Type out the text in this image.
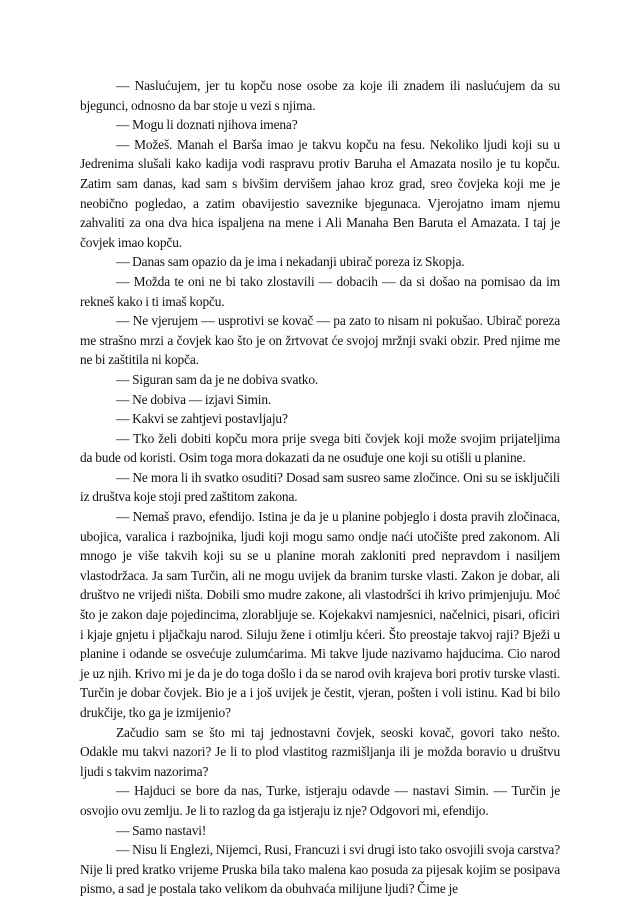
— Naslućujem, jer tu kopču nose osobe za koje ili znadem ili naslućujem da su bjegunci, odnosno da bar stoje u vezi s njima.

— Mogu li doznati njihova imena?

— Možeš. Manah el Barša imao je takvu kopču na fesu. Nekoliko ljudi koji su u Jedrenima slušali kako kadija vodi raspravu protiv Baruha el Amazata nosilo je tu kopču. Zatim sam danas, kad sam s bivšim dervišem jahao kroz grad, sreo čovjeka koji me je neobično pogledao, a zatim obavijestio saveznike bjegunaca. Vjerojatno imam njemu zahvaliti za ona dva hica ispaljena na mene i Ali Manaha Ben Baruta el Amazata. I taj je čovjek imao kopču.

— Danas sam opazio da je ima i nekadanji ubirač poreza iz Skopja.

— Možda te oni ne bi tako zlostavili — dobacih — da si došao na pomisao da im rekneš kako i ti imaš kopču.

— Ne vjerujem — usprotivi se kovač — pa zato to nisam ni pokušao. Ubirač poreza me strašno mrzi a čovjek kao što je on žrtvovat će svojoj mržnji svaki obzir. Pred njime me ne bi zaštitila ni kopča.

— Siguran sam da je ne dobiva svatko.

— Ne dobiva — izjavi Simin.

— Kakvi se zahtjevi postavljaju?

— Tko želi dobiti kopču mora prije svega biti čovjek koji može svojim prijateljima da bude od koristi. Osim toga mora dokazati da ne osuđuje one koji su otišli u planine.

— Ne mora li ih svatko osuditi? Dosad sam susreo same zločince. Oni su se isključili iz društva koje stoji pred zaštitom zakona.

— Nemaš pravo, efendijo. Istina je da je u planine pobjeglo i dosta pravih zločinaca, ubojica, varalica i razbojnika, ljudi koji mogu samo ondje naći utočište pred zakonom. Ali mnogo je više takvih koji su se u planine morah zakloniti pred nepravdom i nasiljem vlastodržaca. Ja sam Turčin, ali ne mogu uvijek da branim turske vlasti. Zakon je dobar, ali društvo ne vrijedi ništa. Dobili smo mudre zakone, ali vlastodršci ih krivo primjenjuju. Moć što je zakon daje pojedincima, zlorabljuje se. Kojekakvi namjesnici, načelnici, pisari, oficiri i kjaje gnjetu i pljačkaju narod. Siluju žene i otimlju kćeri. Što preostaje takvoj raji? Bježi u planine i odande se osvećuje zulumćarima. Mi takve ljude nazivamo hajducima. Cio narod je uz njih. Krivo mi je da je do toga došlo i da se narod ovih krajeva bori protiv turske vlasti. Turčin je dobar čovjek. Bio je a i još uvijek je čestit, vjeran, pošten i voli istinu. Kad bi bilo drukčije, tko ga je izmijenio?

Začudio sam se što mi taj jednostavni čovjek, seoski kovač, govori tako nešto. Odakle mu takvi nazori? Je li to plod vlastitog razmišljanja ili je možda boravio u društvu ljudi s takvim nazorima?

— Hajduci se bore da nas, Turke, istjeraju odavde — nastavi Simin. — Turčin je osvojio ovu zemlju. Je li to razlog da ga istjeraju iz nje? Odgovori mi, efendijo.

— Samo nastavi!

— Nisu li Englezi, Nijemci, Rusi, Francuzi i svi drugi isto tako osvojili svoja carstva? Nije li pred kratko vrijeme Pruska bila tako malena kao posuda za pijesak kojim se posipava pismo, a sad je postala tako velikom da obuhvaća milijune ljudi? Čime je
